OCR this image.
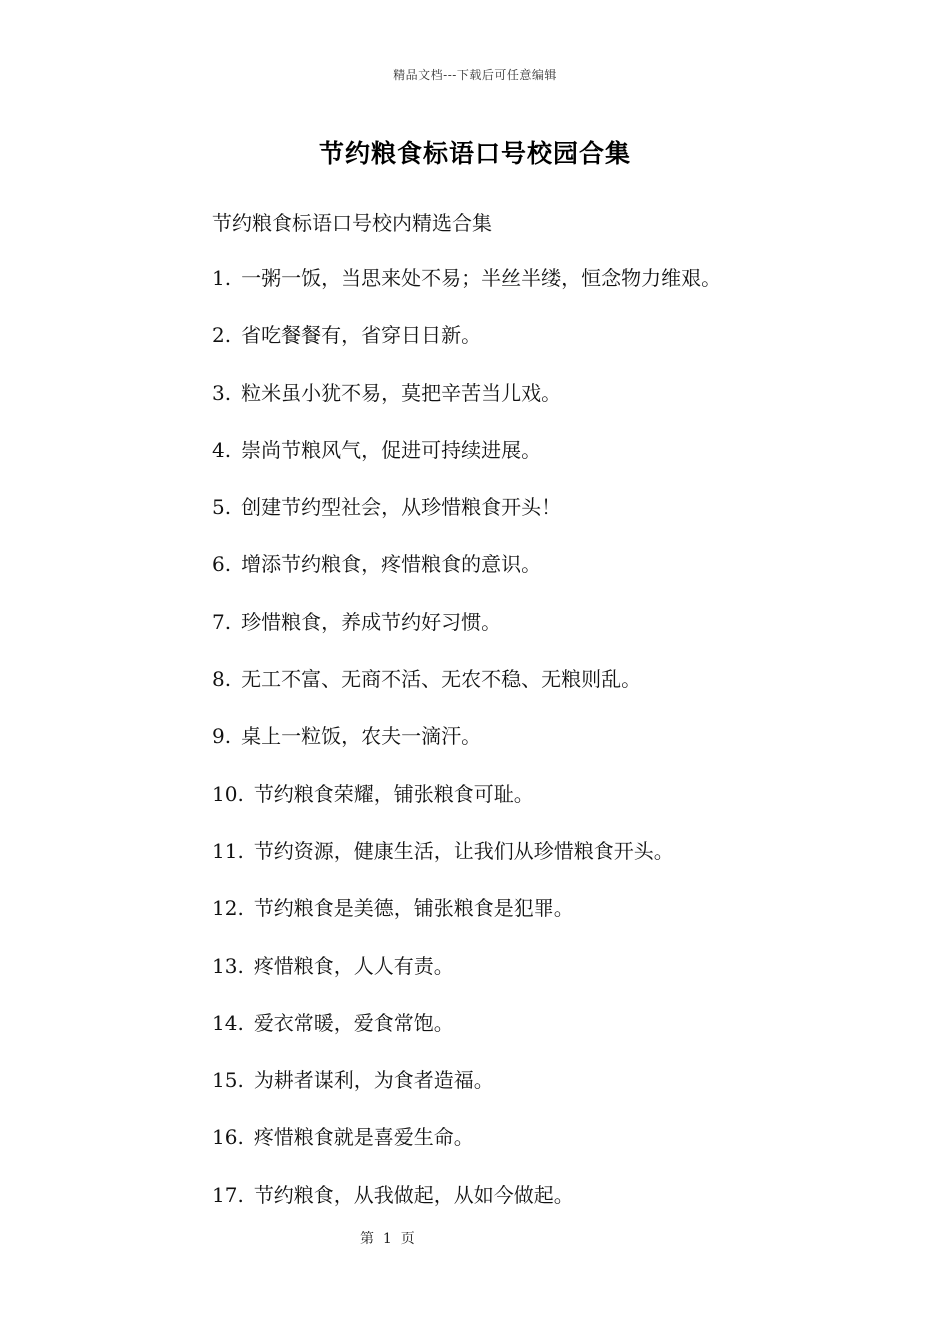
精品文档---下载后可任意编辑
节约粮食标语口号校园合集
节约粮食标语口号校内精选合集
1. 一粥一饭，当思来处不易；半丝半缕，恒念物力维艰。
2. 省吃餐餐有，省穿日日新。
3. 粒米虽小犹不易，莫把辛苦当儿戏。
4. 崇尚节粮风气，促进可持续进展。
5. 创建节约型社会，从珍惜粮食开头！
6. 增添节约粮食，疼惜粮食的意识。
7. 珍惜粮食，养成节约好习惯。
8. 无工不富、无商不活、无农不稳、无粮则乱。
9. 桌上一粒饭，农夫一滴汗。
10. 节约粮食荣耀，铺张粮食可耻。
11. 节约资源，健康生活，让我们从珍惜粮食开头。
12. 节约粮食是美德，铺张粮食是犯罪。
13. 疼惜粮食，人人有责。
14. 爱衣常暖，爱食常饱。
15. 为耕者谋利，为食者造福。
16. 疼惜粮食就是喜爱生命。
17. 节约粮食，从我做起，从如今做起。
第  1  页
